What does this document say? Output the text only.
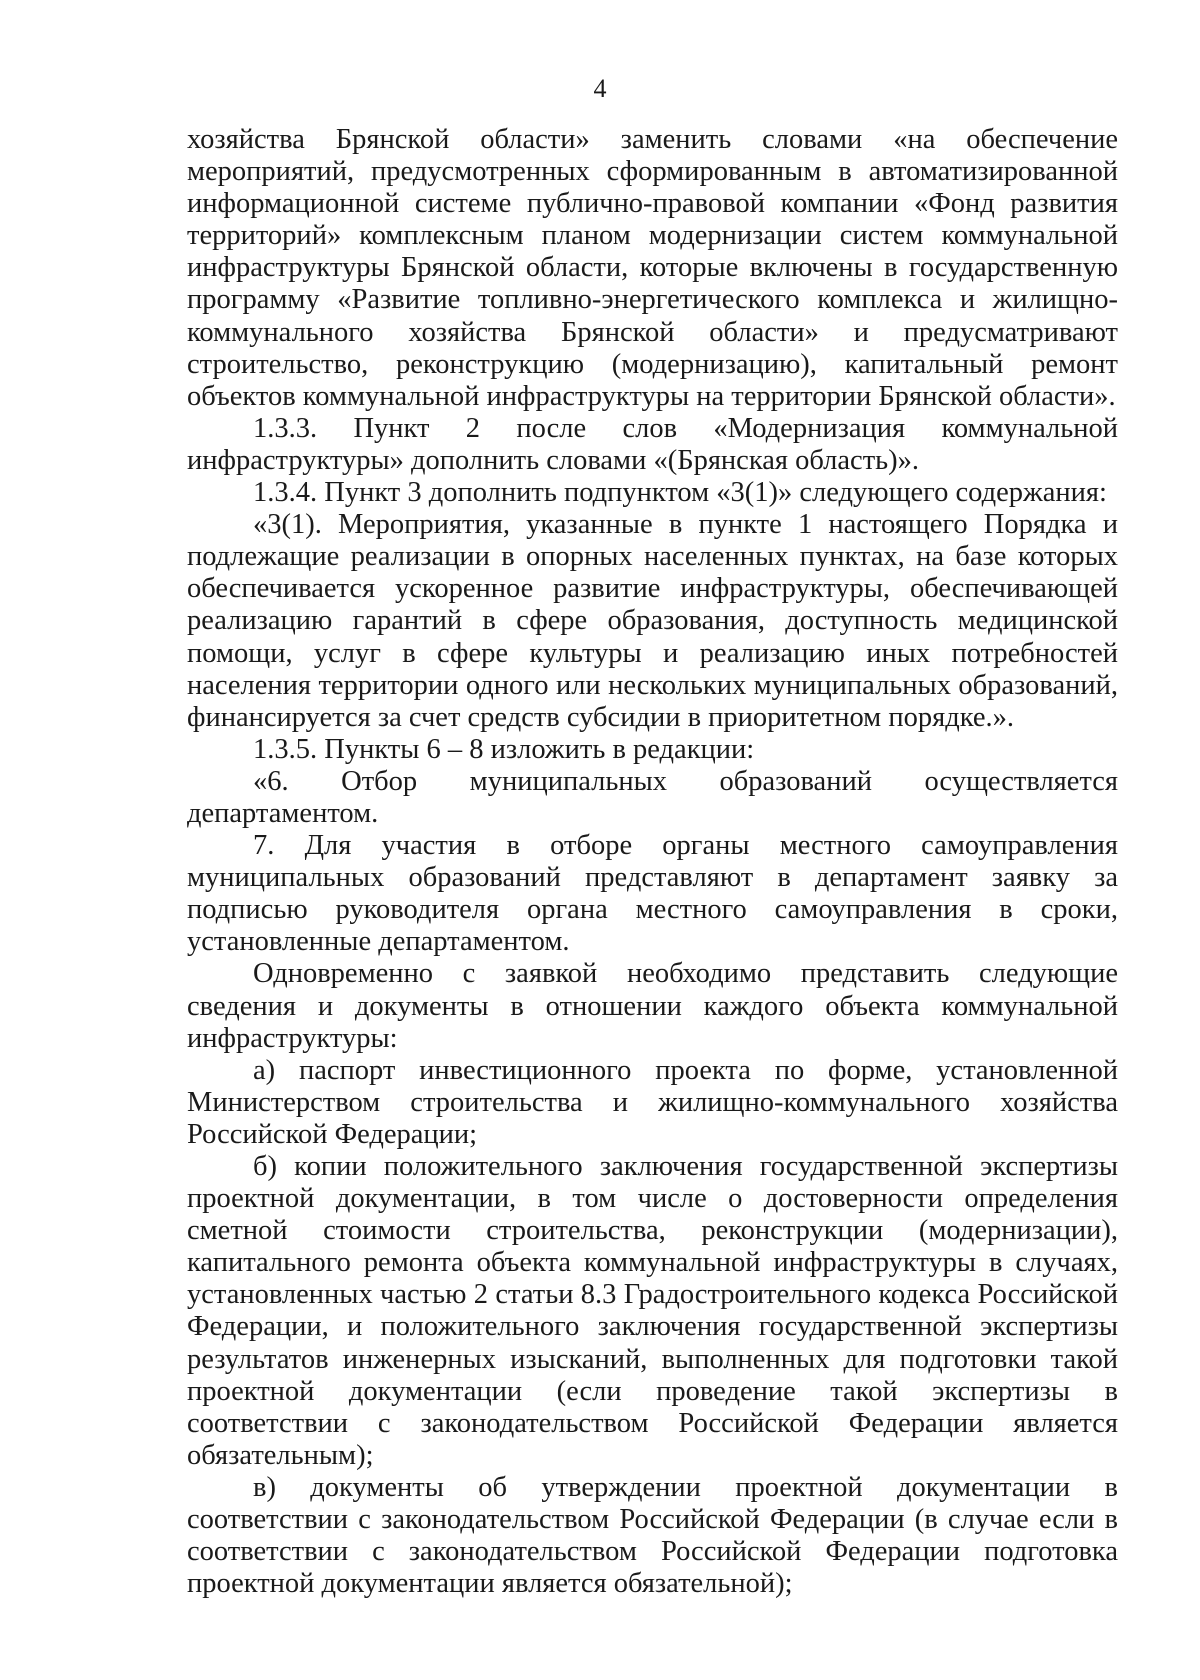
4

хозяйства Брянской области» заменить словами «на обеспечение мероприятий, предусмотренных сформированным в автоматизированной информационной системе публично-правовой компании «Фонд развития территорий» комплексным планом модернизации систем коммунальной инфраструктуры Брянской области, которые включены в государственную программу «Развитие топливно-энергетического комплекса и жилищно-коммунального хозяйства Брянской области» и предусматривают строительство, реконструкцию (модернизацию), капитальный ремонт объектов коммунальной инфраструктуры на территории Брянской области».

1.3.3. Пункт 2 после слов «Модернизация коммунальной инфраструктуры» дополнить словами «(Брянская область)».

1.3.4. Пункт 3 дополнить подпунктом «3(1)» следующего содержания:

«3(1). Мероприятия, указанные в пункте 1 настоящего Порядка и подлежащие реализации в опорных населенных пунктах, на базе которых обеспечивается ускоренное развитие инфраструктуры, обеспечивающей реализацию гарантий в сфере образования, доступность медицинской помощи, услуг в сфере культуры и реализацию иных потребностей населения территории одного или нескольких муниципальных образований, финансируется за счет средств субсидии в приоритетном порядке.».

1.3.5. Пункты 6 – 8 изложить в редакции:

«6. Отбор муниципальных образований осуществляется департаментом.

7. Для участия в отборе органы местного самоуправления муниципальных образований представляют в департамент заявку за подписью руководителя органа местного самоуправления в сроки, установленные департаментом.

Одновременно с заявкой необходимо представить следующие сведения и документы в отношении каждого объекта коммунальной инфраструктуры:

а) паспорт инвестиционного проекта по форме, установленной Министерством строительства и жилищно-коммунального хозяйства Российской Федерации;

б) копии положительного заключения государственной экспертизы проектной документации, в том числе о достоверности определения сметной стоимости строительства, реконструкции (модернизации), капитального ремонта объекта коммунальной инфраструктуры в случаях, установленных частью 2 статьи 8.3 Градостроительного кодекса Российской Федерации, и положительного заключения государственной экспертизы результатов инженерных изысканий, выполненных для подготовки такой проектной документации (если проведение такой экспертизы в соответствии с законодательством Российской Федерации является обязательным);

в) документы об утверждении проектной документации в соответствии с законодательством Российской Федерации (в случае если в соответствии с законодательством Российской Федерации подготовка проектной документации является обязательной);
